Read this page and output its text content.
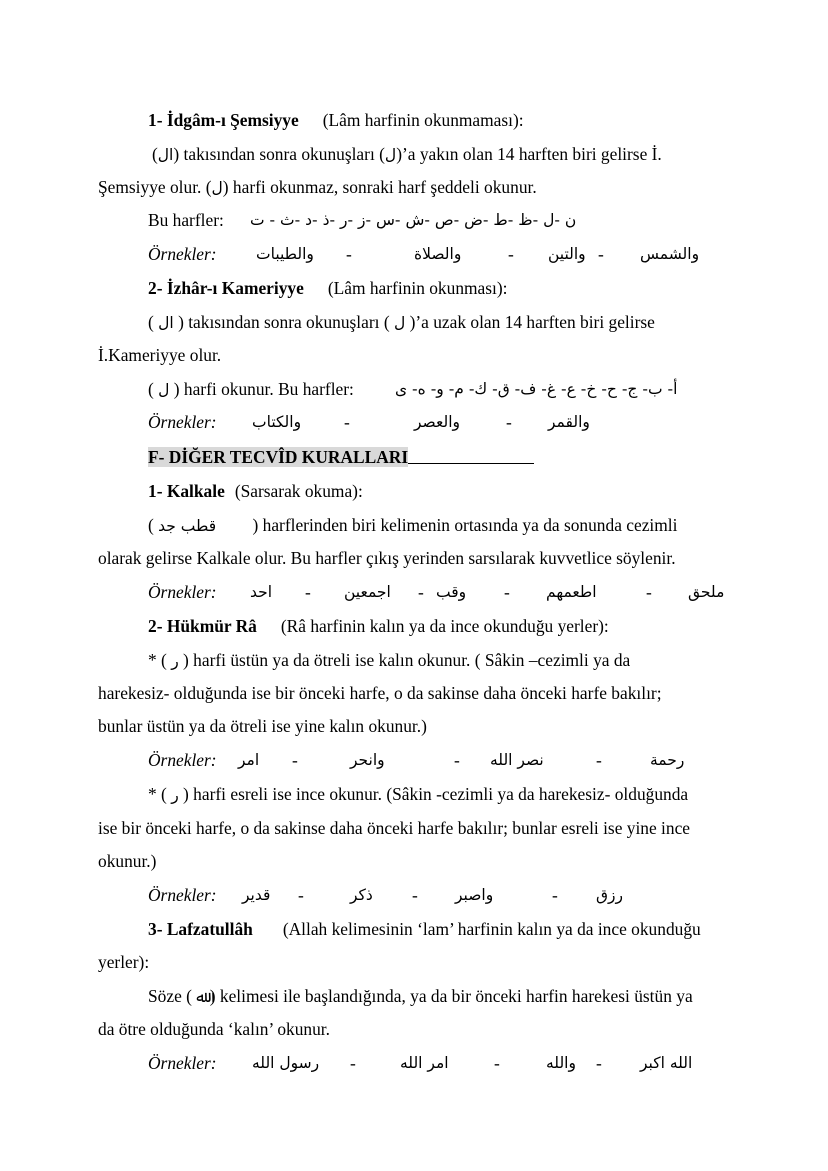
1- İdgâm-ı Şemsiyye (Lâm harfinin okunmaması):
(ال) takısından sonra okunuşları (ل)’a yakın olan 14 harften biri gelirse İ.
Şemsiyye olur. (ل) harfi okunmaz, sonraki harf şeddeli okunur.
Bu harfler: ن -ل -ظ -ط -ض -ص -ش -س -ز -ر -ذ -د -ث - ت
Örnekler:	والشمس
-
والتين
-
والصلاة
-
والطيبات
2- İzhâr-ı Kameriyye (Lâm harfinin okunması):
( ال ) takısından sonra okunuşları ( ل )’a uzak olan 14 harften biri gelirse
İ.Kameriyye olur.
( ل ) harfi okunur. Bu harfler:	أ- ب- ج- ح- خ- ع- غ- ف- ق- ك- م- و- ه- ى
Örnekler:	والقمر
-
والعصر
-
والكتاب
F- DİĞER TECVÎD KURALLARI
1- Kalkale (Sarsarak okuma):
( قطب جد ) harflerinden biri kelimenin ortasında ya da sonunda cezimli
olarak gelirse Kalkale olur. Bu harfler çıkış yerinden sarsılarak kuvvetlice söylenir.
Örnekler:	ملحق
-
اطعمهم
-
وقب
-
اجمعين
-
احد
2- Hükmür Râ (Râ harfinin kalın ya da ince okunduğu yerler):
* ( ر ) harfi üstün ya da ötreli ise kalın okunur. ( Sâkin –cezimli ya da
harekesiz- olduğunda ise bir önceki harfe, o da sakinse daha önceki harfe bakılır;
bunlar üstün ya da ötreli ise yine kalın okunur.)
Örnekler:	رحمة
-
نصر الله
-
وانحر
-
امر
* ( ر ) harfi esreli ise ince okunur. (Sâkin -cezimli ya da harekesiz- olduğunda
ise bir önceki harfe, o da sakinse daha önceki harfe bakılır; bunlar esreli ise yine ince
okunur.)
Örnekler:	رزق
-
واصبر
-
ذكر
-
قدير
3- Lafzatullâh (Allah kelimesinin ‘lam’ harfinin kalın ya da ince okunduğu
yerler):
Söze ( ﷲ ) kelimesi ile başlandığında, ya da bir önceki harfin harekesi üstün ya
da ötre olduğunda ‘kalın’ okunur.
Örnekler:	الله اكبر
-
والله
-
امر الله
-
رسول الله
